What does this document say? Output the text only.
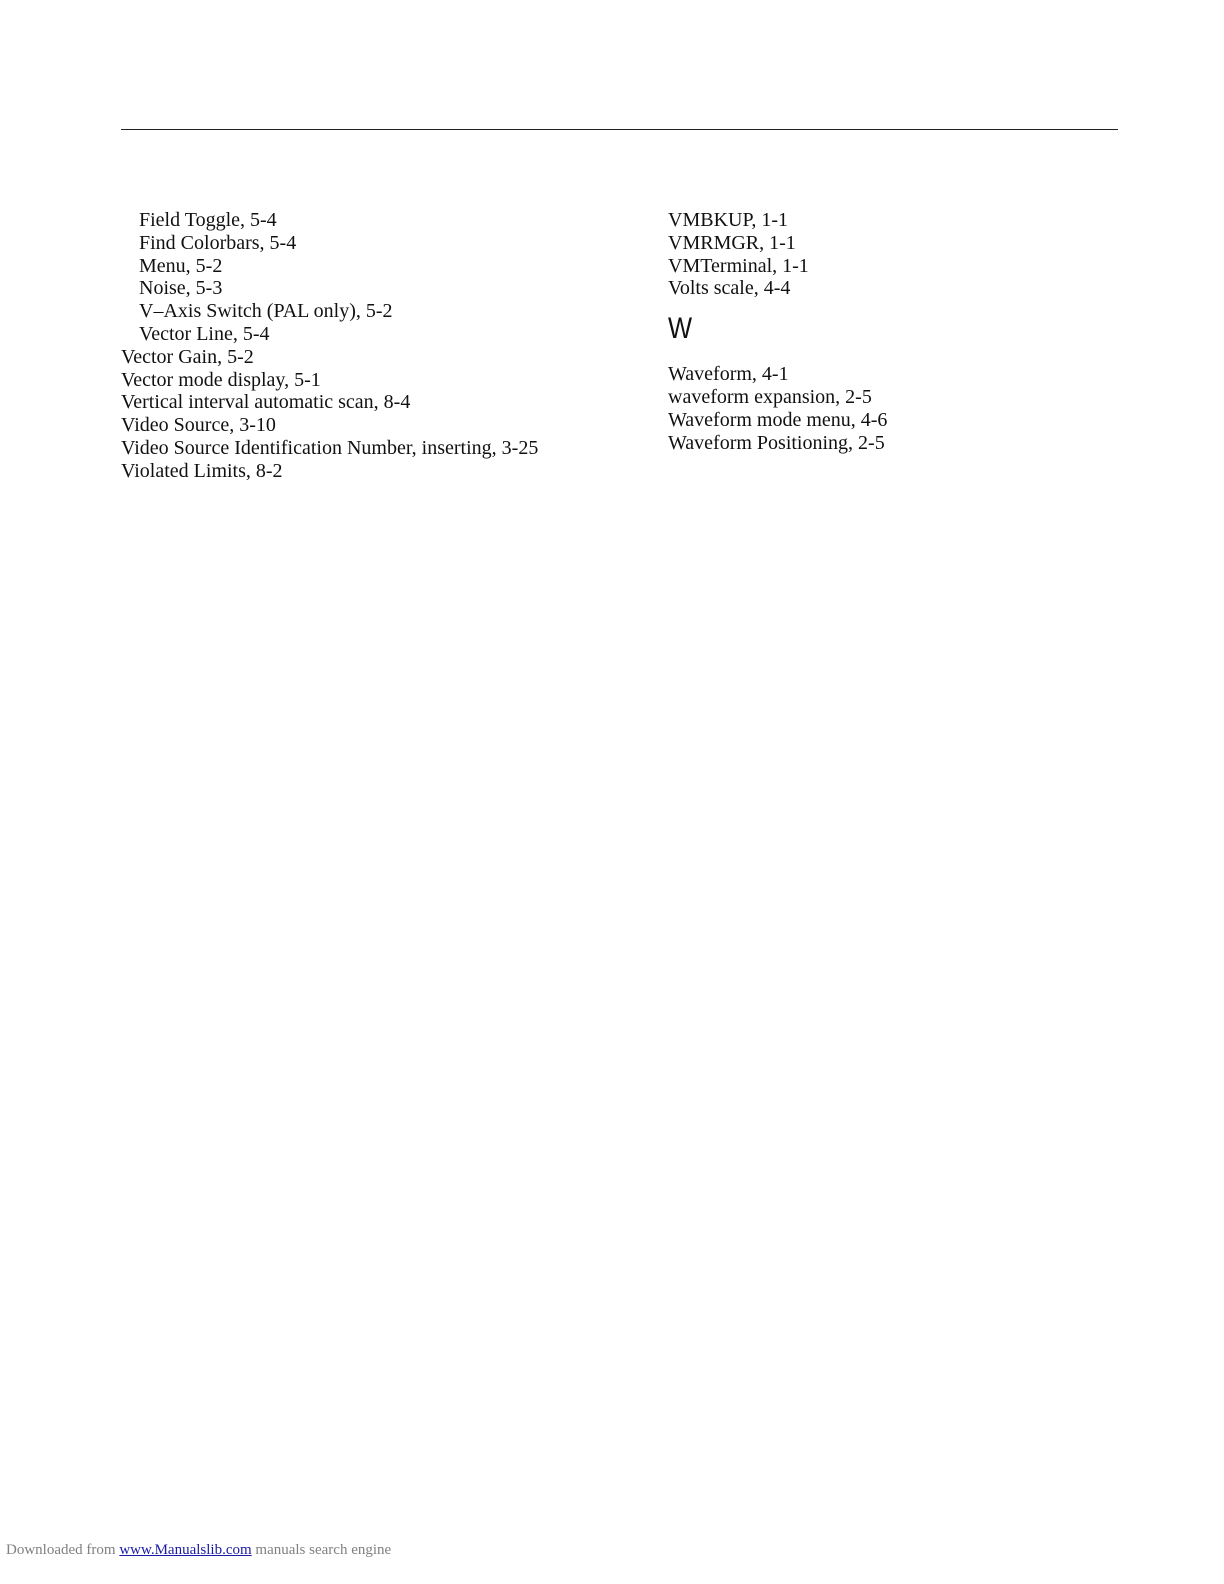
Field Toggle, 5-4
Find Colorbars, 5-4
Menu, 5-2
Noise, 5-3
V–Axis Switch (PAL only), 5-2
Vector Line, 5-4
Vector Gain, 5-2
Vector mode display, 5-1
Vertical interval automatic scan, 8-4
Video Source, 3-10
Video Source Identification Number, inserting, 3-25
Violated Limits, 8-2
VMBKUP, 1-1
VMRMGR, 1-1
VMTerminal, 1-1
Volts scale, 4-4
W
Waveform, 4-1
waveform expansion, 2-5
Waveform mode menu, 4-6
Waveform Positioning, 2-5
Downloaded from www.Manualslib.com manuals search engine
